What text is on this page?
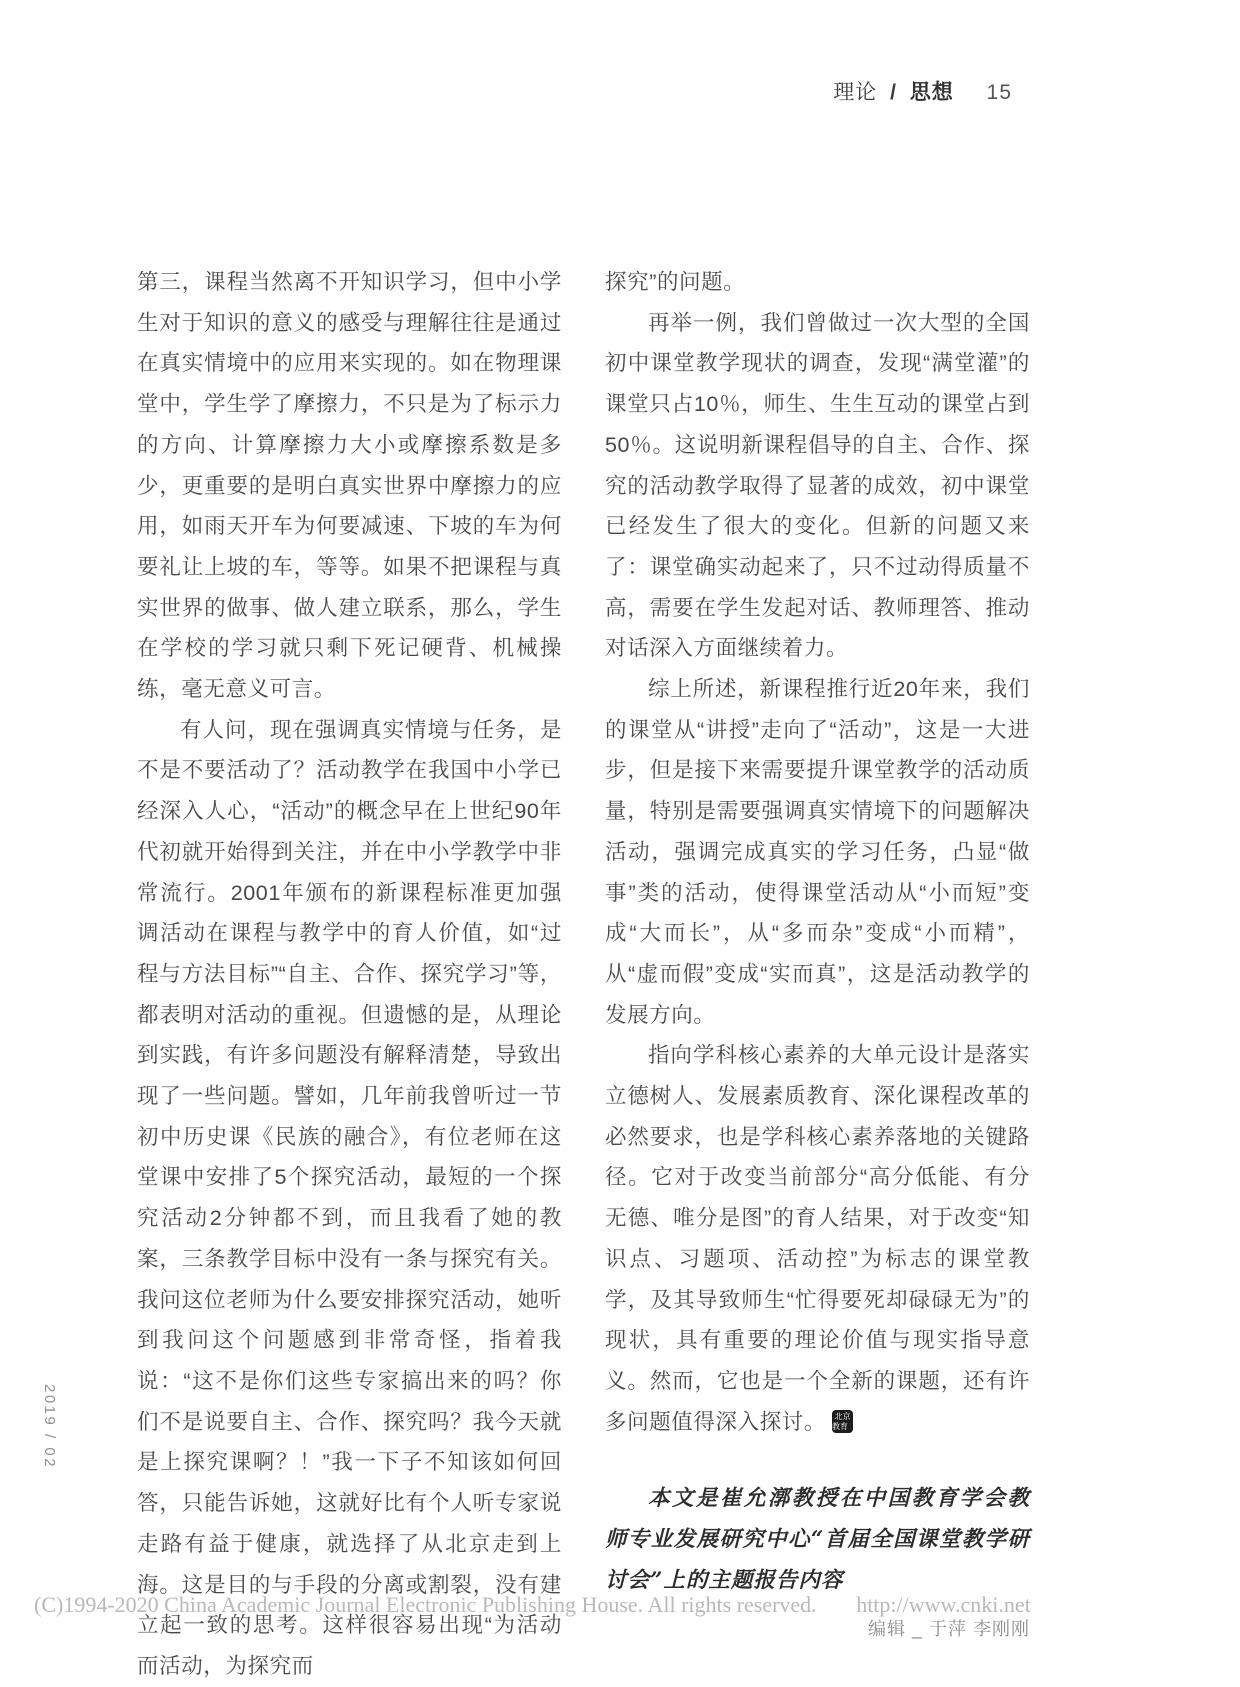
理论 / 思想 15

第三，课程当然离不开知识学习，但中小学生对于知识的意义的感受与理解往往是通过在真实情境中的应用来实现的。如在物理课堂中，学生学了摩擦力，不只是为了标示力的方向、计算摩擦力大小或摩擦系数是多少，更重要的是明白真实世界中摩擦力的应用，如雨天开车为何要减速、下坡的车为何要礼让上坡的车，等等。如果不把课程与真实世界的做事、做人建立联系，那么，学生在学校的学习就只剩下死记硬背、机械操练，毫无意义可言。

有人问，现在强调真实情境与任务，是不是不要活动了？活动教学在我国中小学已经深入人心，“活动”的概念早在上世纪90年代初就开始得到关注，并在中小学教学中非常流行。2001年颁布的新课程标准更加强调活动在课程与教学中的育人价值，如“过程与方法目标”“自主、合作、探究学习”等，都表明对活动的重视。但遗憾的是，从理论到实践，有许多问题没有解释清楚，导致出现了一些问题。譬如，几年前我曾听过一节初中历史课《民族的融合》，有位老师在这堂课中安排了5个探究活动，最短的一个探究活动2分钟都不到，而且我看了她的教案，三条教学目标中没有一条与探究有关。我问这位老师为什么要安排探究活动，她听到我问这个问题感到非常奇怪，指着我说：“这不是你们这些专家搞出来的吗？你们不是说要自主、合作、探究吗？我今天就是上探究课啊？！”我一下子不知该如何回答，只能告诉她，这就好比有个人听专家说走路有益于健康，就选择了从北京走到上海。这是目的与手段的分离或割裂，没有建立起一致的思考。这样很容易出现“为活动而活动，为探究而

探究”的问题。

再举一例，我们曾做过一次大型的全国初中课堂教学现状的调查，发现“满堂灌”的课堂只占10％，师生、生生互动的课堂占到50％。这说明新课程倡导的自主、合作、探究的活动教学取得了显著的成效，初中课堂已经发生了很大的变化。但新的问题又来了：课堂确实动起来了，只不过动得质量不高，需要在学生发起对话、教师理答、推动对话深入方面继续着力。

综上所述，新课程推行近20年来，我们的课堂从“讲授”走向了“活动”，这是一大进步，但是接下来需要提升课堂教学的活动质量，特别是需要强调真实情境下的问题解决活动，强调完成真实的学习任务，凸显“做事”类的活动，使得课堂活动从“小而短”变成“大而长”，从“多而杂”变成“小而精”，从“虚而假”变成“实而真”，这是活动教学的发展方向。

指向学科核心素养的大单元设计是落实立德树人、发展素质教育、深化课程改革的必然要求，也是学科核心素养落地的关键路径。它对于改变当前部分“高分低能、有分无德、唯分是图”的育人结果，对于改变“知识点、习题项、活动控”为标志的课堂教学，及其导致师生“忙得要死却碌碌无为”的现状，具有重要的理论价值与现实指导意义。然而，它也是一个全新的课题，还有许多问题值得深入探讨。 北京教育

本文是崔允漷教授在中国教育学会教师专业发展研究中心“首届全国课堂教学研讨会”上的主题报告内容

编辑 _ 于萍 李刚刚

2019 / 02
(C)1994-2020 China Academic Journal Electronic Publishing House. All rights reserved. http://www.cnki.net
